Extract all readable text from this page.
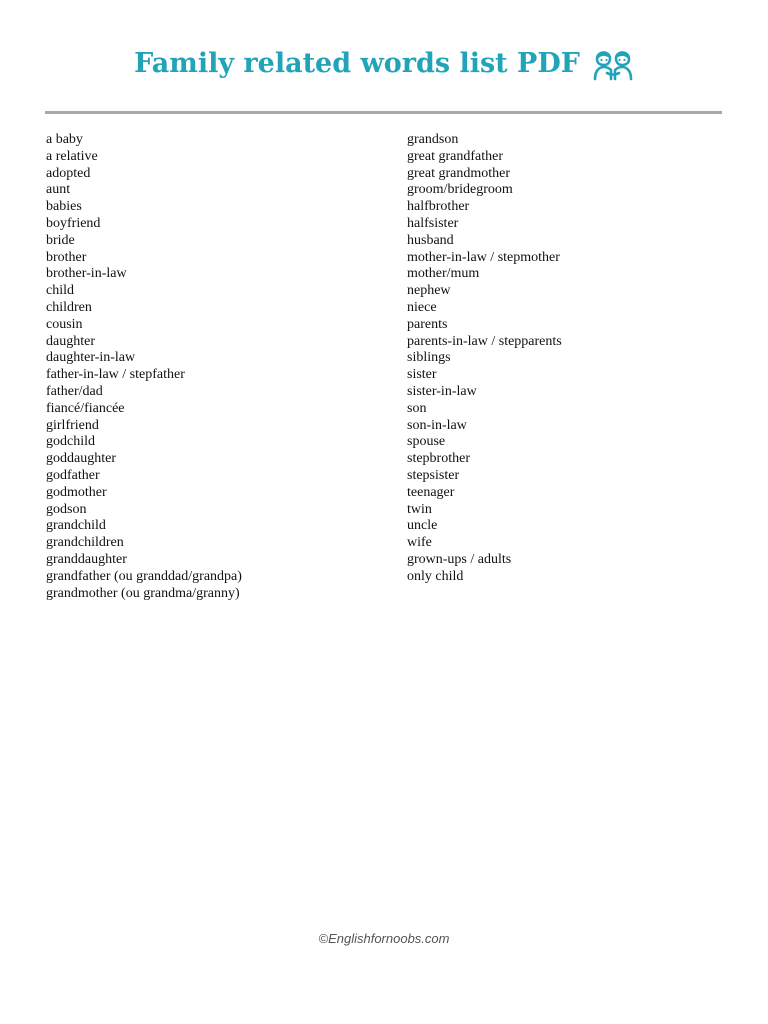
Family related words list PDF
a baby
a relative
adopted
aunt
babies
boyfriend
bride
brother
brother-in-law
child
children
cousin
daughter
daughter-in-law
father-in-law / stepfather
father/dad
fiancé/fiancée
girlfriend
godchild
goddaughter
godfather
godmother
godson
grandchild
grandchildren
granddaughter
grandfather (ou granddad/grandpa)
grandmother (ou grandma/granny)
grandson
great grandfather
great grandmother
groom/bridegroom
halfbrother
halfsister
husband
mother-in-law / stepmother
mother/mum
nephew
niece
parents
parents-in-law / stepparents
siblings
sister
sister-in-law
son
son-in-law
spouse
stepbrother
stepsister
teenager
twin
uncle
wife
grown-ups / adults
only child
©Englishfornoobs.com
